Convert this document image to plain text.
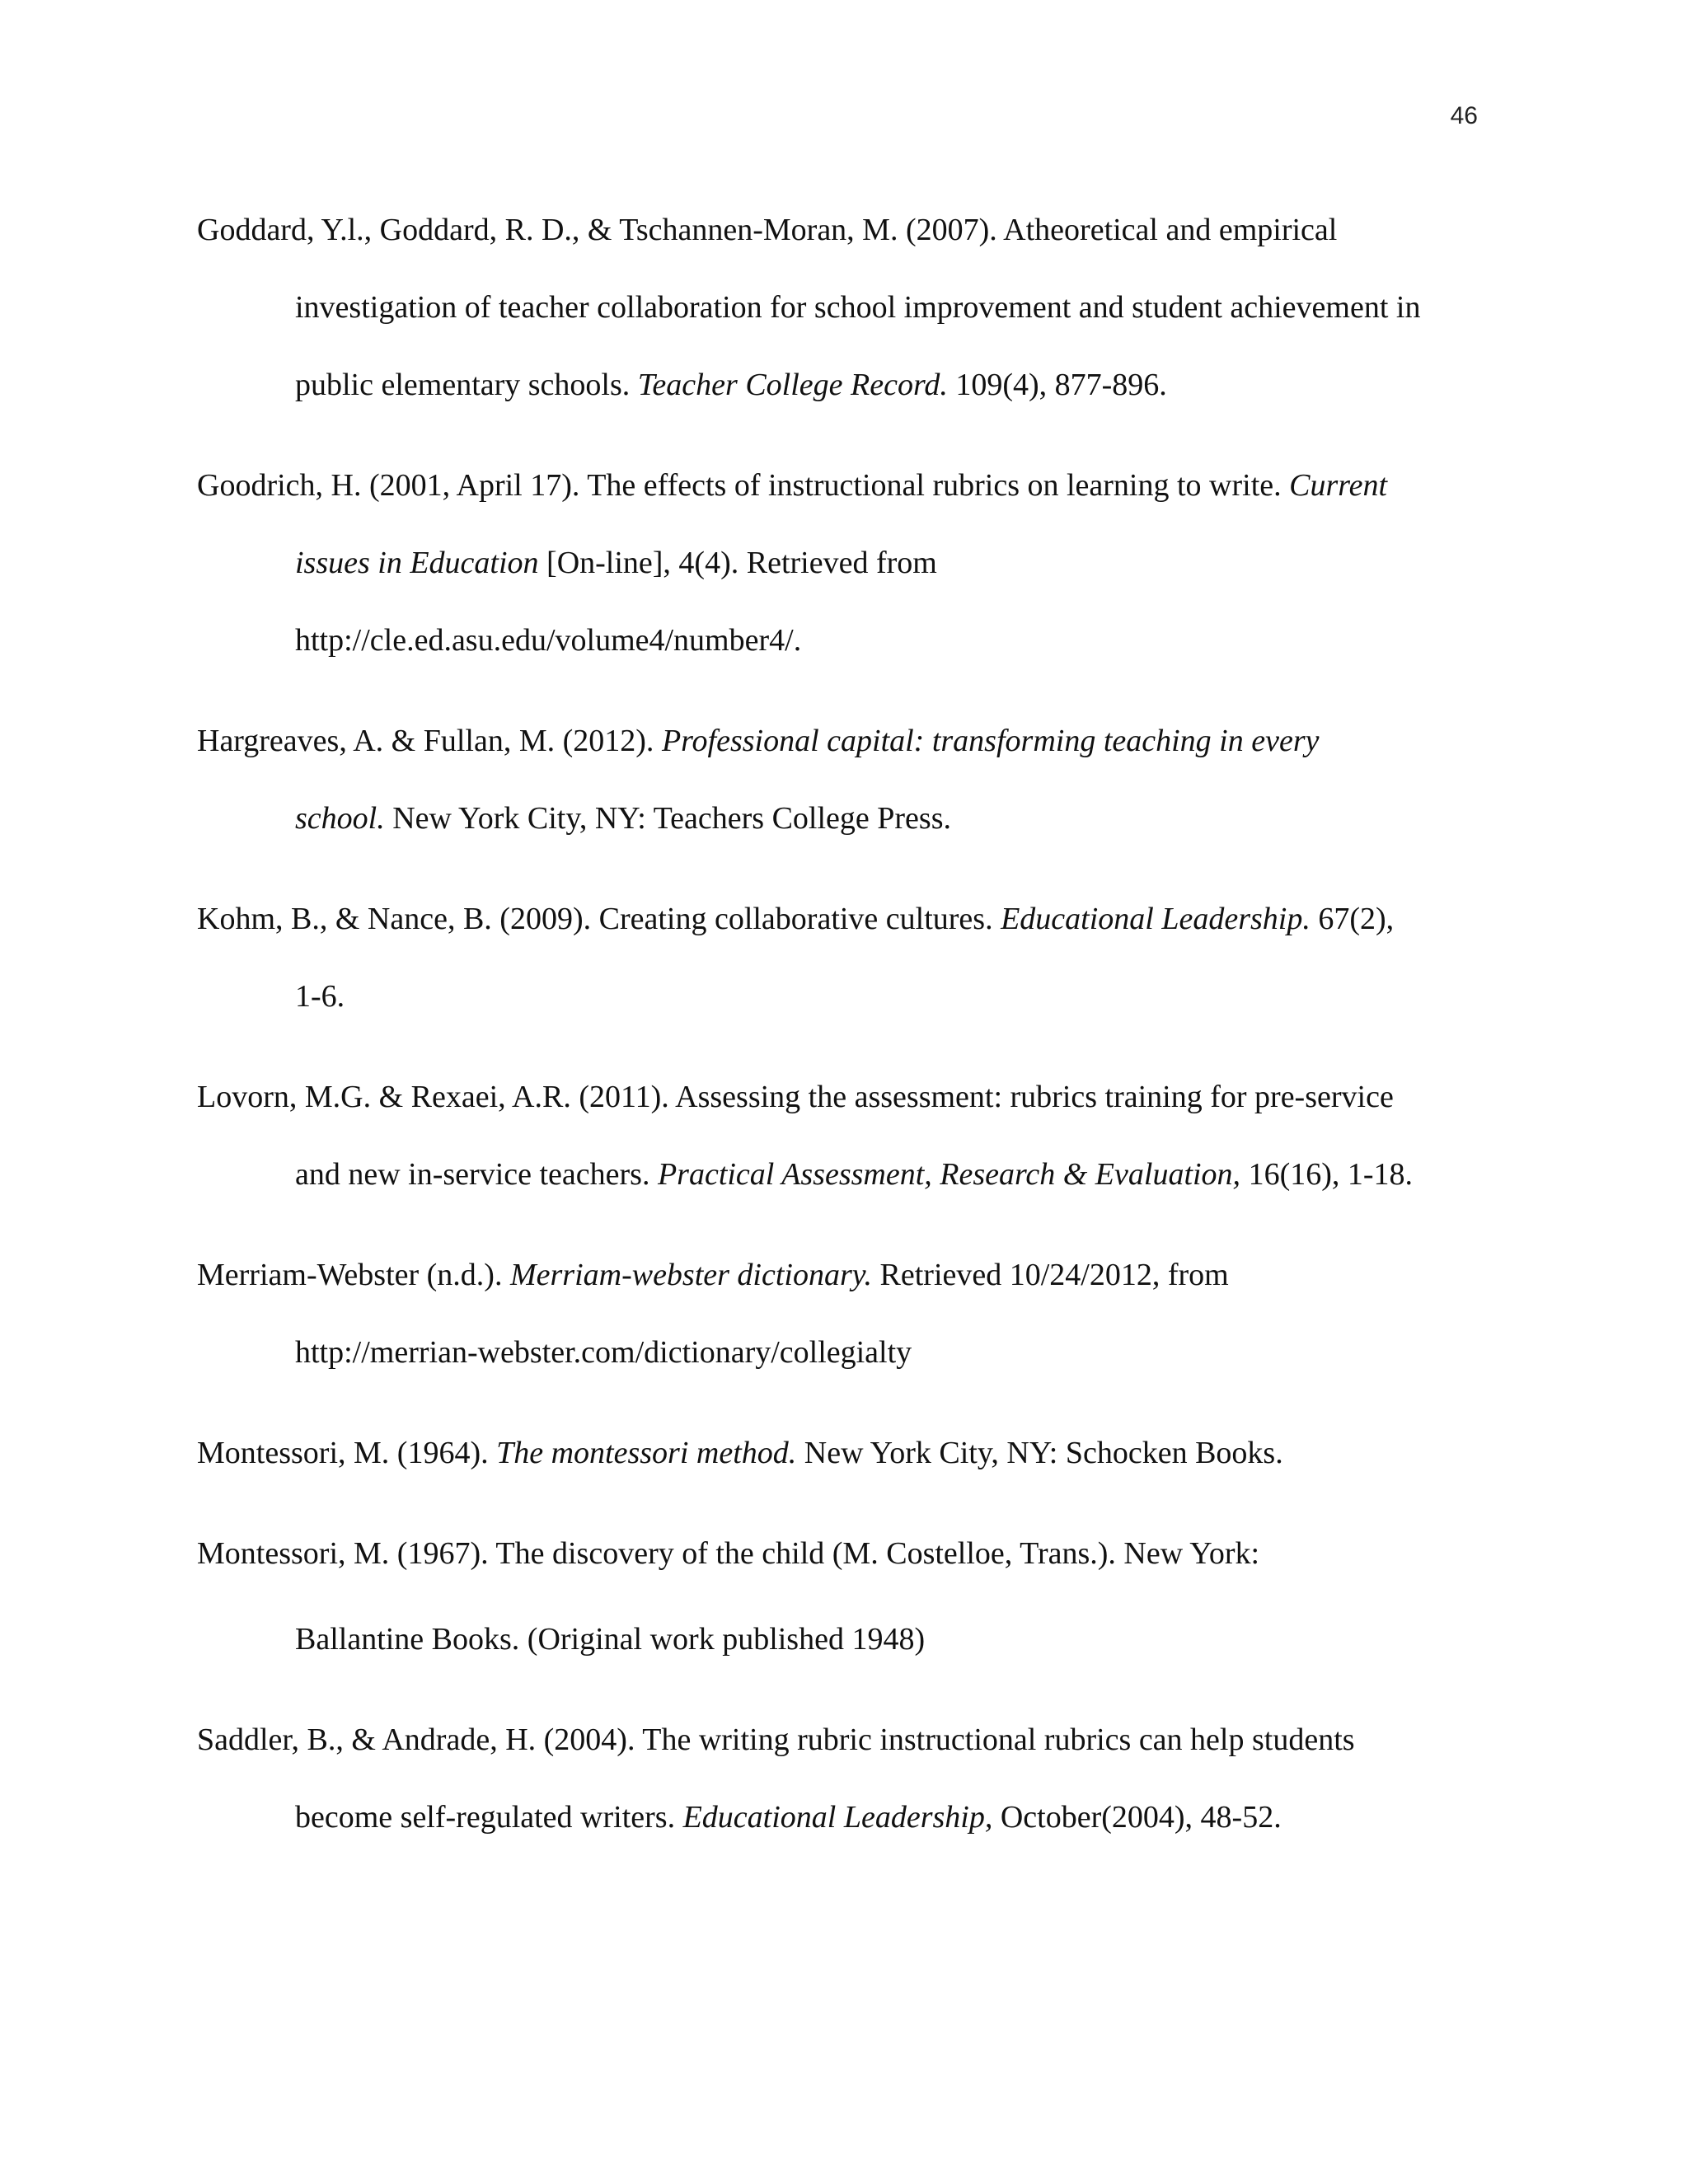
46
Goddard, Y.l., Goddard, R. D., & Tschannen-Moran, M. (2007). Atheoretical and empirical
investigation of teacher collaboration for school improvement and student achievement in
public elementary schools. Teacher College Record. 109(4), 877-896.
Goodrich, H. (2001, April 17). The effects of instructional rubrics on learning to write. Current
issues in Education [On-line], 4(4). Retrieved from
http://cle.ed.asu.edu/volume4/number4/.
Hargreaves, A. & Fullan, M. (2012). Professional capital: transforming teaching in every
school. New York City, NY: Teachers College Press.
Kohm, B., & Nance, B. (2009). Creating collaborative cultures. Educational Leadership. 67(2),
1-6.
Lovorn, M.G. & Rexaei, A.R. (2011). Assessing the assessment: rubrics training for pre-service
and new in-service teachers. Practical Assessment, Research & Evaluation, 16(16), 1-18.
Merriam-Webster (n.d.). Merriam-webster dictionary. Retrieved 10/24/2012, from
http://merrian-webster.com/dictionary/collegialty
Montessori, M. (1964). The montessori method. New York City, NY: Schocken Books.
Montessori, M. (1967). The discovery of the child (M. Costelloe, Trans.). New York:
Ballantine Books. (Original work published 1948)
Saddler, B., & Andrade, H. (2004). The writing rubric instructional rubrics can help students
become self-regulated writers. Educational Leadership, October(2004), 48-52.
